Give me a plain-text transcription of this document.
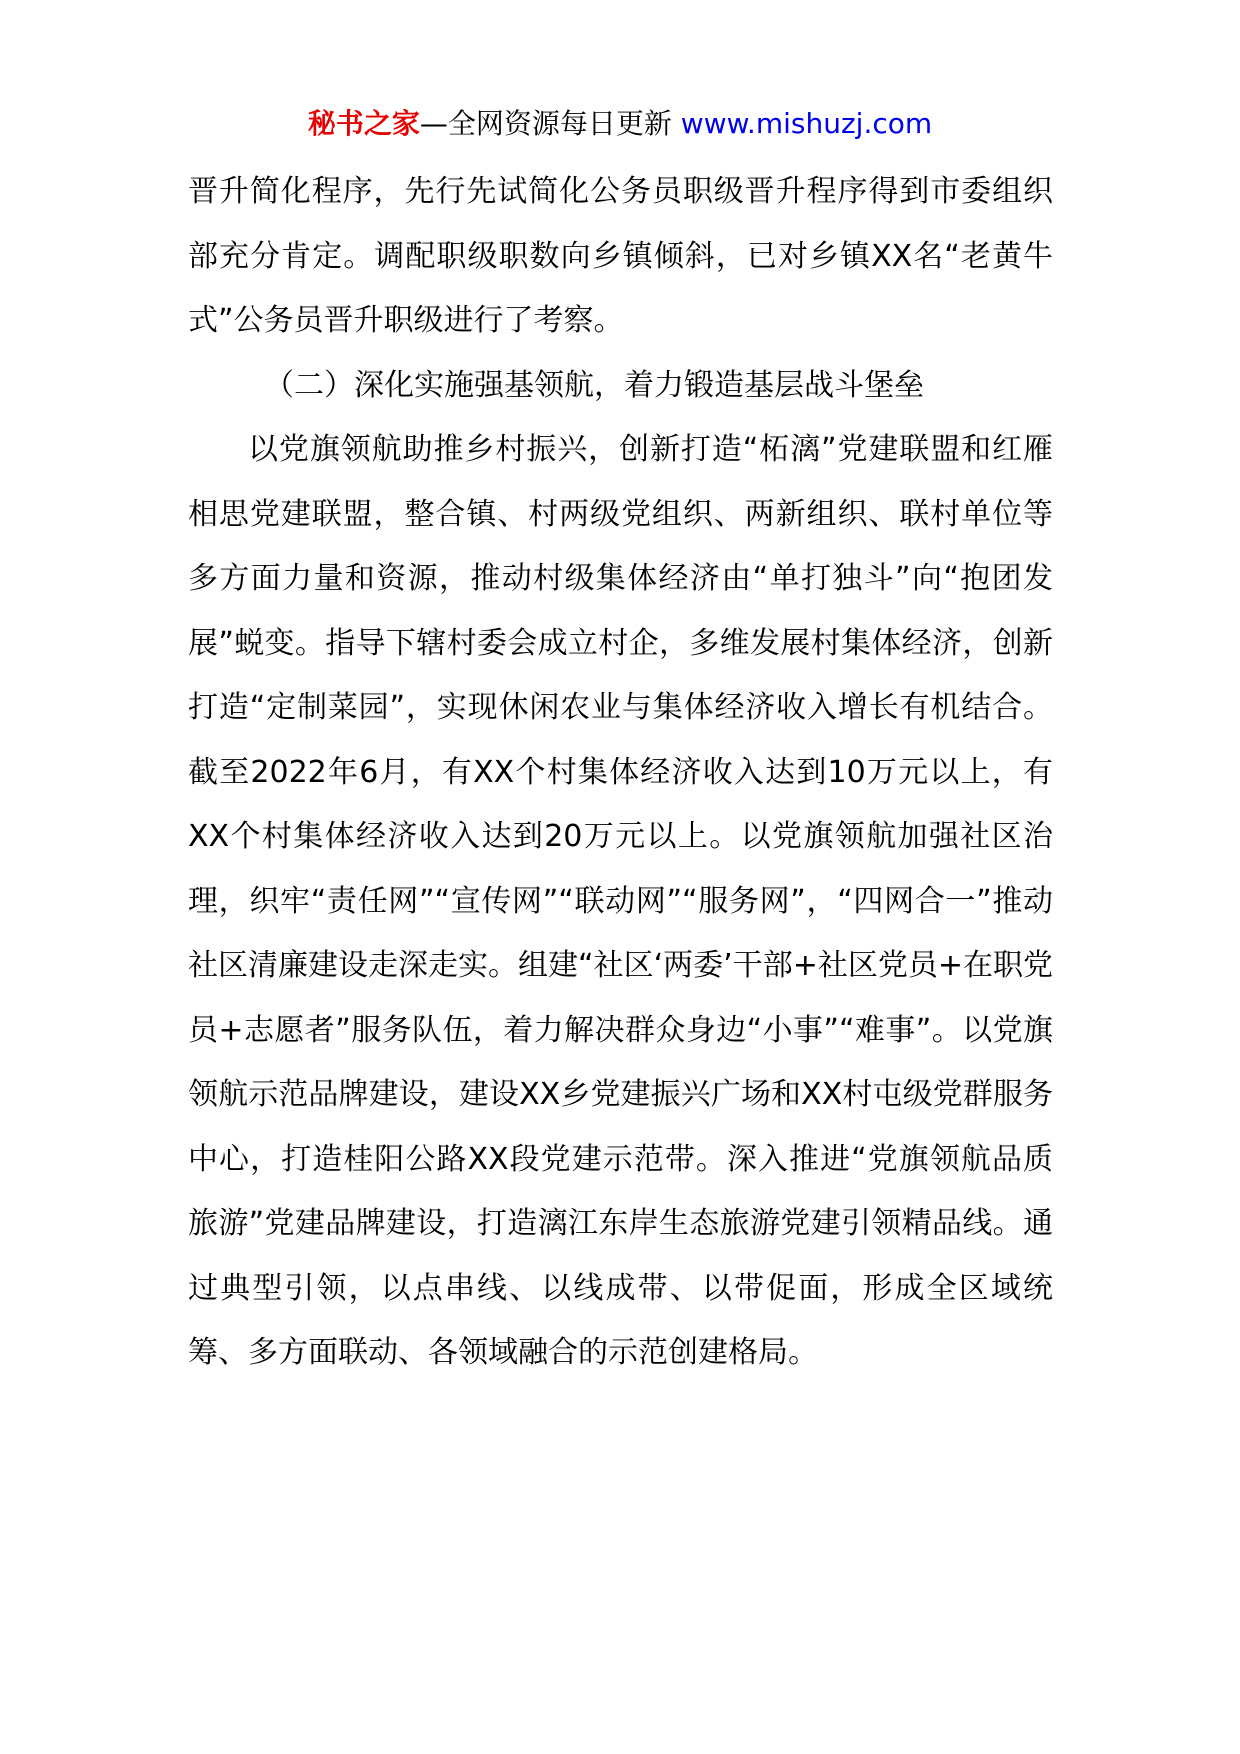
秘书之家—全网资源每日更新 www.mishuzj.com

晋升简化程序，先行先试简化公务员职级晋升程序得到市委组织部充分肯定。调配职级职数向乡镇倾斜，已对乡镇XX名“老黄牛式”公务员晋升职级进行了考察。

（二）深化实施强基领航，着力锻造基层战斗堡垒

以党旗领航助推乡村振兴，创新打造“柘漓”党建联盟和红雁相思党建联盟，整合镇、村两级党组织、两新组织、联村单位等多方面力量和资源，推动村级集体经济由“单打独斗”向“抱团发展”蜕变。指导下辖村委会成立村企，多维发展村集体经济，创新打造“定制菜园”，实现休闲农业与集体经济收入增长有机结合。截至2022年6月，有XX个村集体经济收入达到10万元以上，有XX个村集体经济收入达到20万元以上。以党旗领航加强社区治理，织牢“责任网”“宣传网”“联动网”“服务网”，“四网合一”推动社区清廉建设走深走实。组建“社区‘两委’干部+社区党员+在职党员+志愿者”服务队伍，着力解决群众身边“小事”“难事”。以党旗领航示范品牌建设，建设XX乡党建振兴广场和XX村屯级党群服务中心，打造桂阳公路XX段党建示范带。深入推进“党旗领航品质旅游”党建品牌建设，打造漓江东岸生态旅游党建引领精品线。通过典型引领，以点串线、以线成带、以带促面，形成全区域统筹、多方面联动、各领域融合的示范创建格局。
